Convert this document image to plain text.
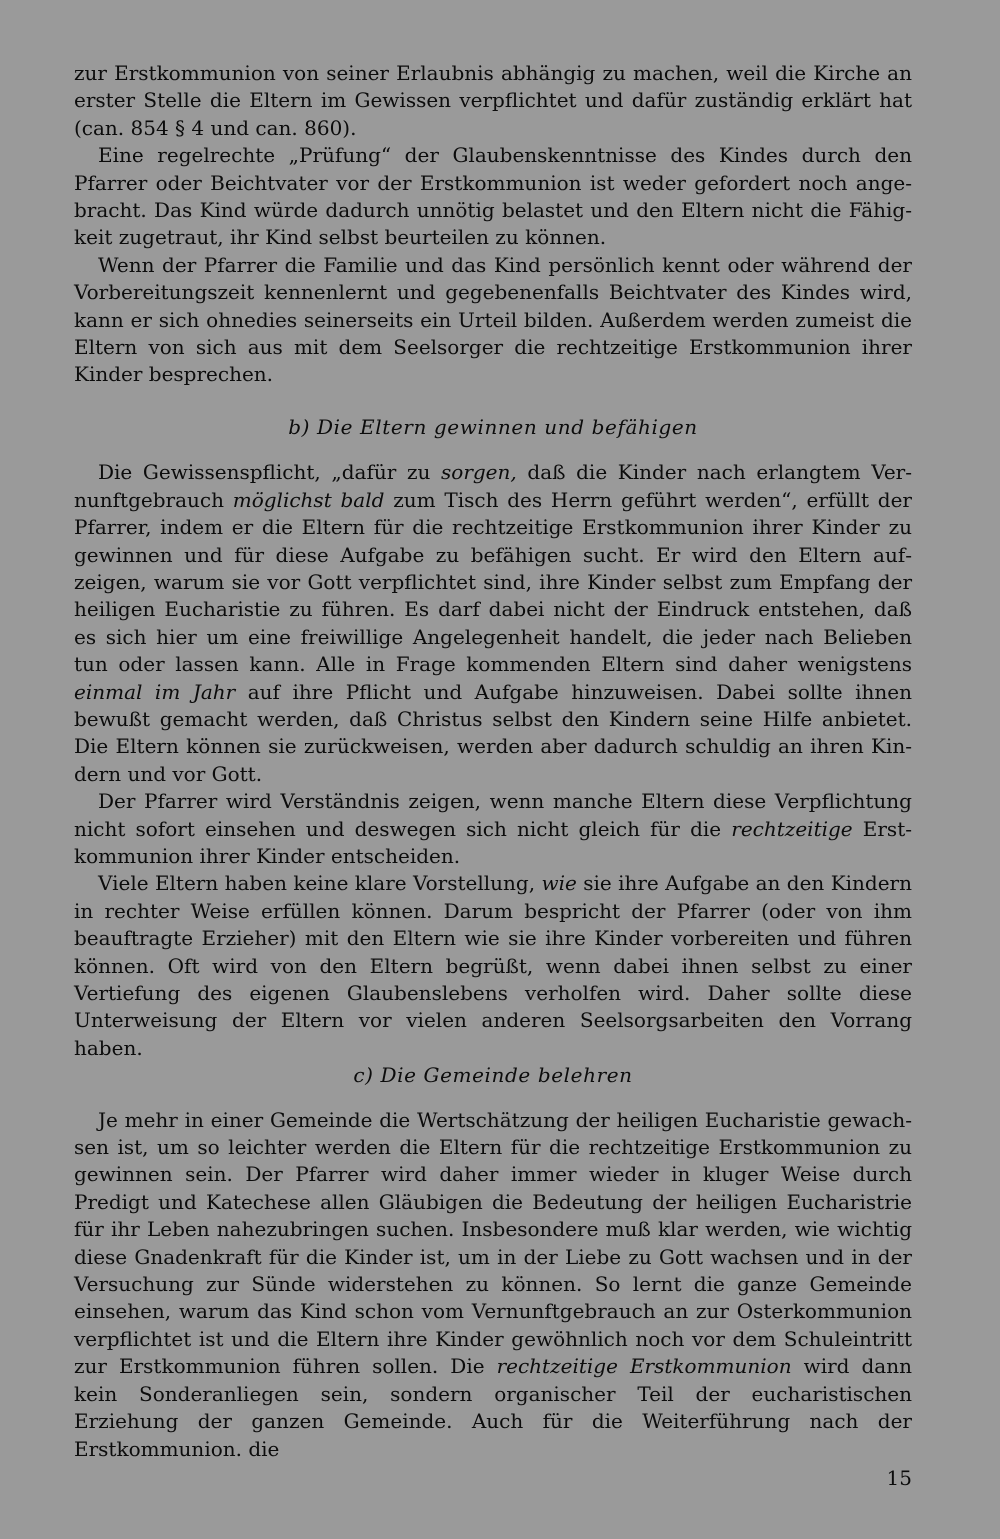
zur Erstkommunion von seiner Erlaubnis abhängig zu machen, weil die Kirche an erster Stelle die Eltern im Gewissen verpflichtet und dafür zuständig erklärt hat (can. 854 § 4 und can. 860).

Eine regelrechte „Prüfung“ der Glaubenskenntnisse des Kindes durch den Pfarrer oder Beichtvater vor der Erstkommunion ist weder gefordert noch angebracht. Das Kind würde dadurch unnötig belastet und den Eltern nicht die Fähigkeit zugetraut, ihr Kind selbst beurteilen zu können.

Wenn der Pfarrer die Familie und das Kind persönlich kennt oder während der Vorbereitungszeit kennenlernt und gegebenenfalls Beichtvater des Kindes wird, kann er sich ohnedies seinerseits ein Urteil bilden. Außerdem werden zumeist die Eltern von sich aus mit dem Seelsorger die rechtzeitige Erstkommunion ihrer Kinder besprechen.

b) Die Eltern gewinnen und befähigen

Die Gewissenspflicht, „dafür zu sorgen, daß die Kinder nach erlangtem Vernunftgebrauch möglichst bald zum Tisch des Herrn geführt werden“, erfüllt der Pfarrer, indem er die Eltern für die rechtzeitige Erstkommunion ihrer Kinder zu gewinnen und für diese Aufgabe zu befähigen sucht. Er wird den Eltern aufzeigen, warum sie vor Gott verpflichtet sind, ihre Kinder selbst zum Empfang der heiligen Eucharistie zu führen. Es darf dabei nicht der Eindruck entstehen, daß es sich hier um eine freiwillige Angelegenheit handelt, die jeder nach Belieben tun oder lassen kann. Alle in Frage kommenden Eltern sind daher wenigstens einmal im Jahr auf ihre Pflicht und Aufgabe hinzuweisen. Dabei sollte ihnen bewußt gemacht werden, daß Christus selbst den Kindern seine Hilfe anbietet. Die Eltern können sie zurückweisen, werden aber dadurch schuldig an ihren Kindern und vor Gott.

Der Pfarrer wird Verständnis zeigen, wenn manche Eltern diese Verpflichtung nicht sofort einsehen und deswegen sich nicht gleich für die rechtzeitige Erstkommunion ihrer Kinder entscheiden.

Viele Eltern haben keine klare Vorstellung, wie sie ihre Aufgabe an den Kindern in rechter Weise erfüllen können. Darum bespricht der Pfarrer (oder von ihm beauftragte Erzieher) mit den Eltern wie sie ihre Kinder vorbereiten und führen können. Oft wird von den Eltern begrüßt, wenn dabei ihnen selbst zu einer Vertiefung des eigenen Glaubenslebens verholfen wird. Daher sollte diese Unterweisung der Eltern vor vielen anderen Seelsorgsarbeiten den Vorrang haben.

c) Die Gemeinde belehren

Je mehr in einer Gemeinde die Wertschätzung der heiligen Eucharistie gewachsen ist, um so leichter werden die Eltern für die rechtzeitige Erstkommunion zu gewinnen sein. Der Pfarrer wird daher immer wieder in kluger Weise durch Predigt und Katechese allen Gläubigen die Bedeutung der heiligen Eucharistrie für ihr Leben nahezubringen suchen. Insbesondere muß klar werden, wie wichtig diese Gnadenkraft für die Kinder ist, um in der Liebe zu Gott wachsen und in der Versuchung zur Sünde widerstehen zu können. So lernt die ganze Gemeinde einsehen, warum das Kind schon vom Vernunftgebrauch an zur Osterkommunion verpflichtet ist und die Eltern ihre Kinder gewöhnlich noch vor dem Schuleintritt zur Erstkommunion führen sollen. Die rechtzeitige Erstkommunion wird dann kein Sonderanliegen sein, sondern organischer Teil der eucharistischen Erziehung der ganzen Gemeinde. Auch für die Weiterführung nach der Erstkommunion. die

15
